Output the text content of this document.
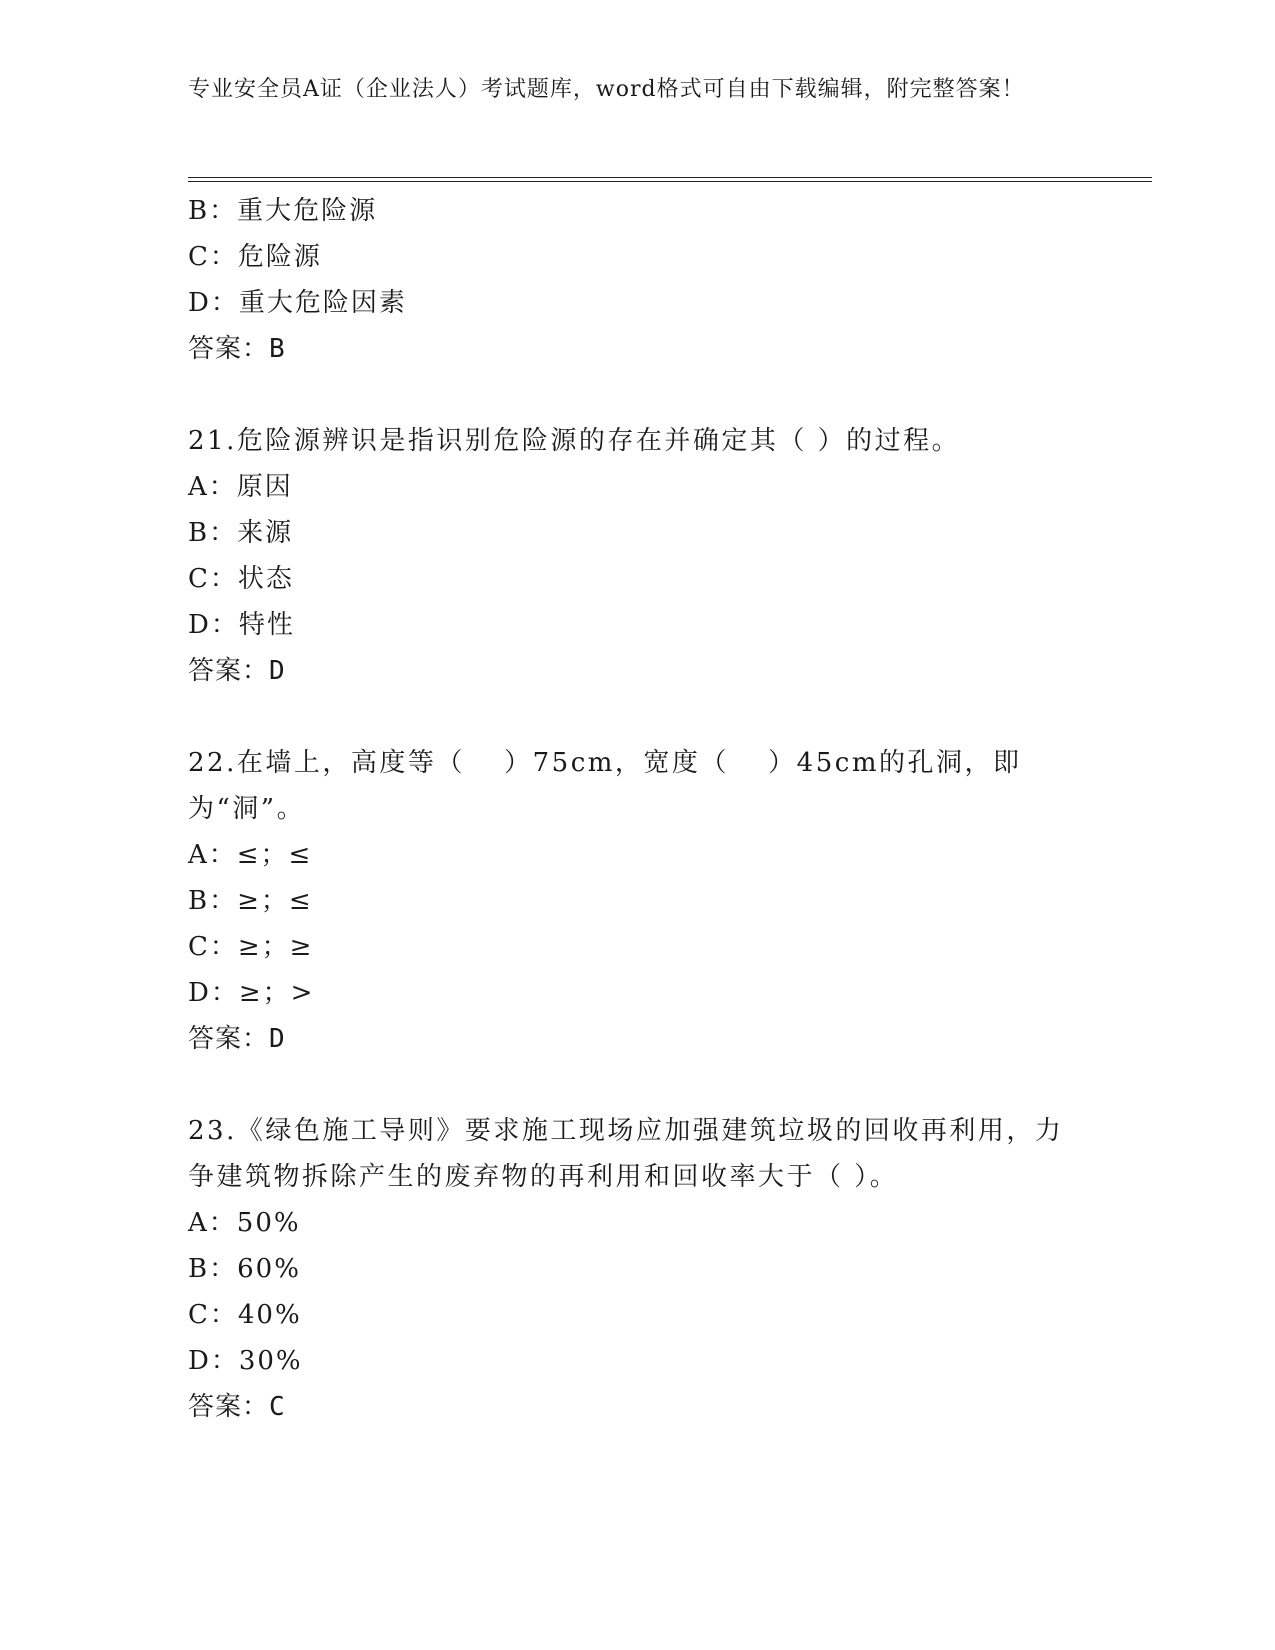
专业安全员A证（企业法人）考试题库，word格式可自由下载编辑，附完整答案！
B：重大危险源
C：危险源
D：重大危险因素
答案：B
21.危险源辨识是指识别危险源的存在并确定其（ ）的过程。
A：原因
B：来源
C：状态
D：特性
答案：D
22.在墙上，高度等（　 ）75cm，宽度（　 ）45cm的孔洞，即为“洞”。
A：≤；≤
B：≥；≤
C：≥；≥
D：≥；>
答案：D
23.《绿色施工导则》要求施工现场应加强建筑垃圾的回收再利用，力争建筑物拆除产生的废弃物的再利用和回收率大于（ ）。
A：50%
B：60%
C：40%
D：30%
答案：C
